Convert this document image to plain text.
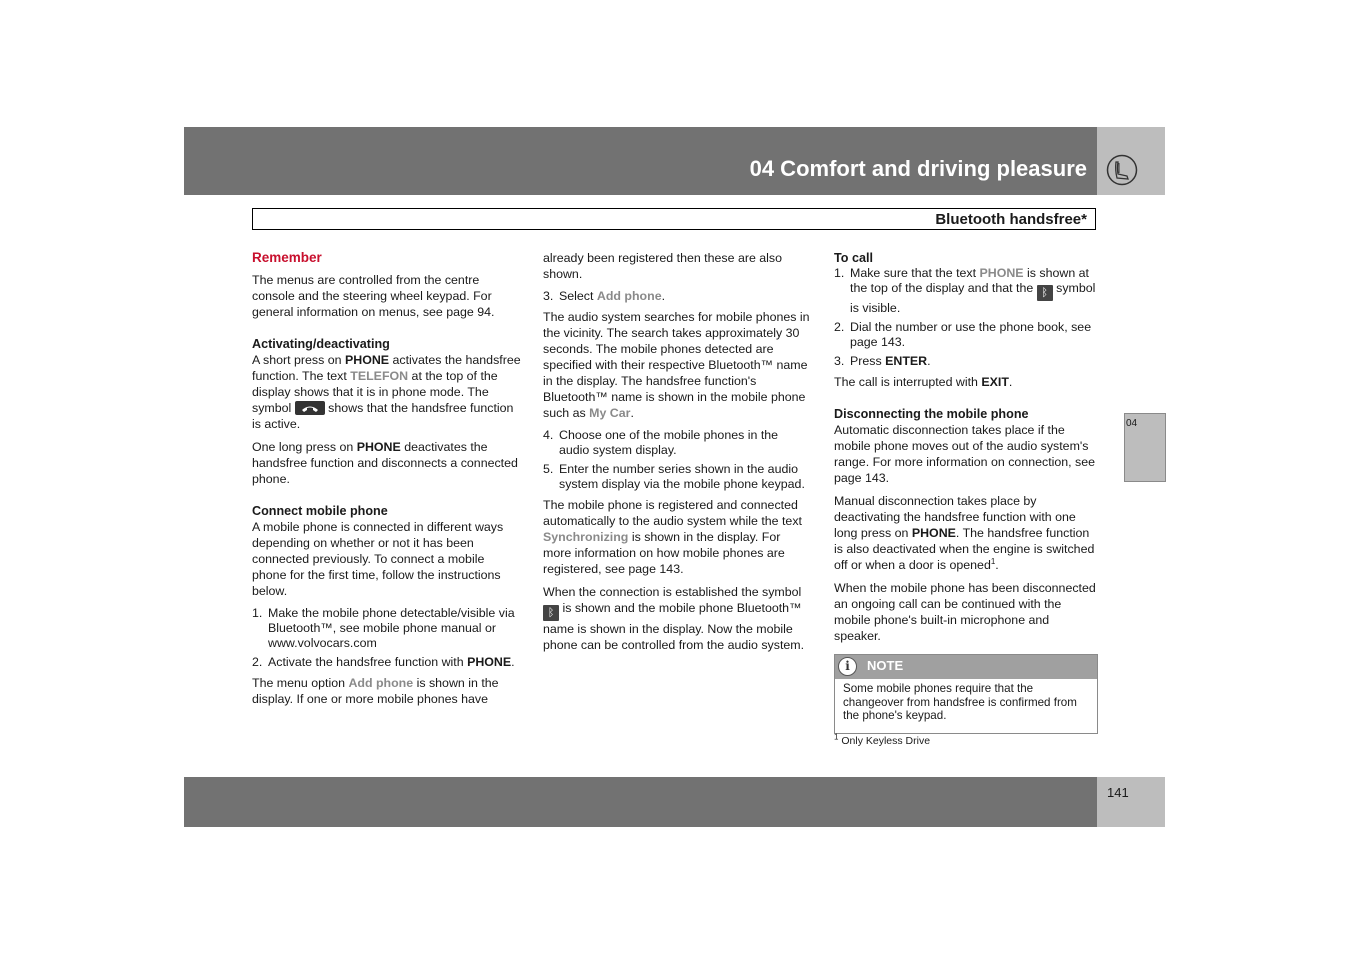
04 Comfort and driving pleasure
Bluetooth handsfree*
04
Remember

The menus are controlled from the centre console and the steering wheel keypad. For general information on menus, see page 94.

Activating/deactivating

A short press on PHONE activates the handsfree function. The text TELEFON at the top of the display shows that it is in phone mode. The symbol  shows that the handsfree function is active.

One long press on PHONE deactivates the handsfree function and disconnects a connected phone.

Connect mobile phone

A mobile phone is connected in different ways depending on whether or not it has been connected previously. To connect a mobile phone for the first time, follow the instructions below.

1. Make the mobile phone detectable/visible via Bluetooth™, see mobile phone manual or www.volvocars.com
2. Activate the handsfree function with PHONE.

The menu option Add phone is shown in the display. If one or more mobile phones have

already been registered then these are also shown.

3. Select Add phone.

The audio system searches for mobile phones in the vicinity. The search takes approximately 30 seconds. The mobile phones detected are specified with their respective Bluetooth™ name in the display. The handsfree function's Bluetooth™ name is shown in the mobile phone such as My Car.

4. Choose one of the mobile phones in the audio system display.
5. Enter the number series shown in the audio system display via the mobile phone keypad.

The mobile phone is registered and connected automatically to the audio system while the text Synchronizing is shown in the display. For more information on how mobile phones are registered, see page 143.

When the connection is established the symbol ᛒ is shown and the mobile phone Bluetooth™ name is shown in the display. Now the mobile phone can be controlled from the audio system.

To call
1. Make sure that the text PHONE is shown at the top of the display and that the ᛒ symbol is visible.
2. Dial the number or use the phone book, see page 143.
3. Press ENTER.

The call is interrupted with EXIT.

Disconnecting the mobile phone

Automatic disconnection takes place if the mobile phone moves out of the audio system's range. For more information on connection, see page 143.

Manual disconnection takes place by deactivating the handsfree function with one long press on PHONE. The handsfree function is also deactivated when the engine is switched off or when a door is opened$^1$.

When the mobile phone has been disconnected an ongoing call can be continued with the mobile phone's built-in microphone and speaker.

i	NOTE
Some mobile phones require that the changeover from handsfree is confirmed from the phone's keypad.
$^1$ Only Keyless Drive
141
